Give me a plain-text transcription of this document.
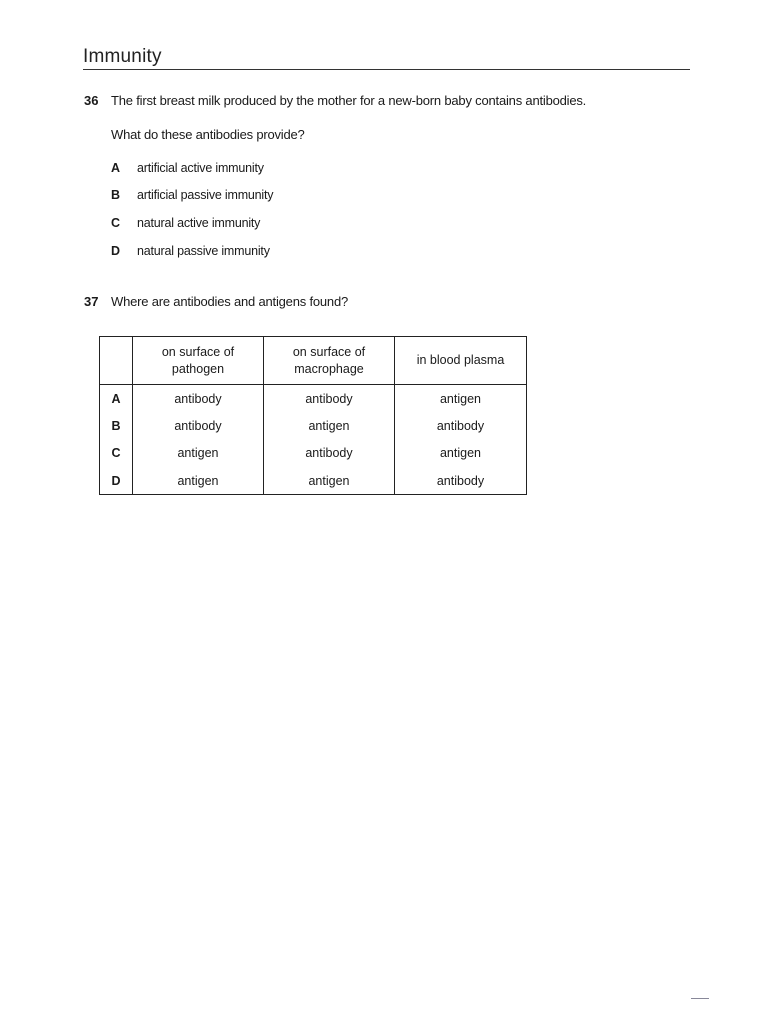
Immunity
36 The first breast milk produced by the mother for a new-born baby contains antibodies.
What do these antibodies provide?
A artificial active immunity
B artificial passive immunity
C natural active immunity
D natural passive immunity
37 Where are antibodies and antigens found?
	on surface of pathogen	on surface of macrophage	in blood plasma
A	antibody	antibody	antigen
B	antibody	antigen	antibody
C	antigen	antibody	antigen
D	antigen	antigen	antibody
